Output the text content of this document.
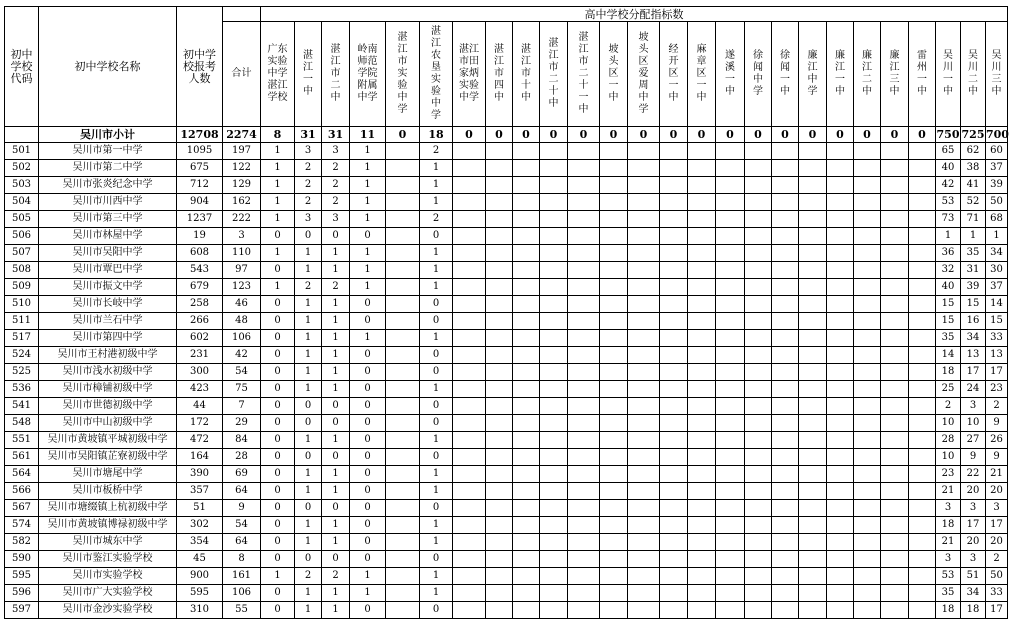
初中学校代码	初中学校名称	初中学校报考人数		高中学校分配指标数																									
			合计	广东实验中学湛江学校	湛江一中	湛江市二中	岭南师范学院附属中学	湛江市实验中学	湛江农垦实验中学	湛江市田家炳实验中学	湛江市四中	湛江市十中	湛江市二十中	湛江市二十一中	坡头区一中	坡头区爱周中学	经开区一中	麻章区一中	遂溪一中	徐闻中学	徐闻一中	廉江中学	廉江一中	廉江二中	廉江三中	雷州一中	吴川一中	吴川二中	吴川三中
	吴川市小计	12708	2274	8	31	31	11	0	18	0	0	0	0	0	0	0	0	0	0	0	0	0	0	0	0	0	750	725	700
501	吴川市第一中学	1095	197	1	3	3	1		2																		65	62	60
502	吴川市第二中学	675	122	1	2	2	1		1																		40	38	37
503	吴川市张炎纪念中学	712	129	1	2	2	1		1																		42	41	39
504	吴川市川西中学	904	162	1	2	2	1		1																		53	52	50
505	吴川市第三中学	1237	222	1	3	3	1		2																		73	71	68
506	吴川市林屋中学	19	3	0	0	0	0		0																		1	1	1
507	吴川市吴阳中学	608	110	1	1	1	1		1																		36	35	34
508	吴川市覃巴中学	543	97	0	1	1	1		1																		32	31	30
509	吴川市振文中学	679	123	1	2	2	1		1																		40	39	37
510	吴川市长岐中学	258	46	0	1	1	0		0																		15	15	14
511	吴川市兰石中学	266	48	0	1	1	0		0																		15	16	15
517	吴川市第四中学	602	106	0	1	1	1		1																		35	34	33
524	吴川市王村港初级中学	231	42	0	1	1	0		0																		14	13	13
525	吴川市浅水初级中学	300	54	0	1	1	0		0																		18	17	17
536	吴川市樟铺初级中学	423	75	0	1	1	0		1																		25	24	23
541	吴川市世德初级中学	44	7	0	0	0	0		0																		2	3	2
548	吴川市中山初级中学	172	29	0	0	0	0		0																		10	10	9
551	吴川市黄坡镇平城初级中学	472	84	0	1	1	0		1																		28	27	26
561	吴川市吴阳镇芷寮初级中学	164	28	0	0	0	0		0																		10	9	9
564	吴川市塘尾中学	390	69	0	1	1	0		1																		23	22	21
566	吴川市板桥中学	357	64	0	1	1	0		1																		21	20	20
567	吴川市塘缀镇上杭初级中学	51	9	0	0	0	0		0																		3	3	3
574	吴川市黄坡镇博禄初级中学	302	54	0	1	1	0		1																		18	17	17
582	吴川市城东中学	354	64	0	1	1	0		1																		21	20	20
590	吴川市鉴江实验学校	45	8	0	0	0	0		0																		3	3	2
595	吴川市实验学校	900	161	1	2	2	1		1																		53	51	50
596	吴川市广大实验学校	595	106	0	1	1	1		1																		35	34	33
597	吴川市金沙实验学校	310	55	0	1	1	0		0																		18	18	17
